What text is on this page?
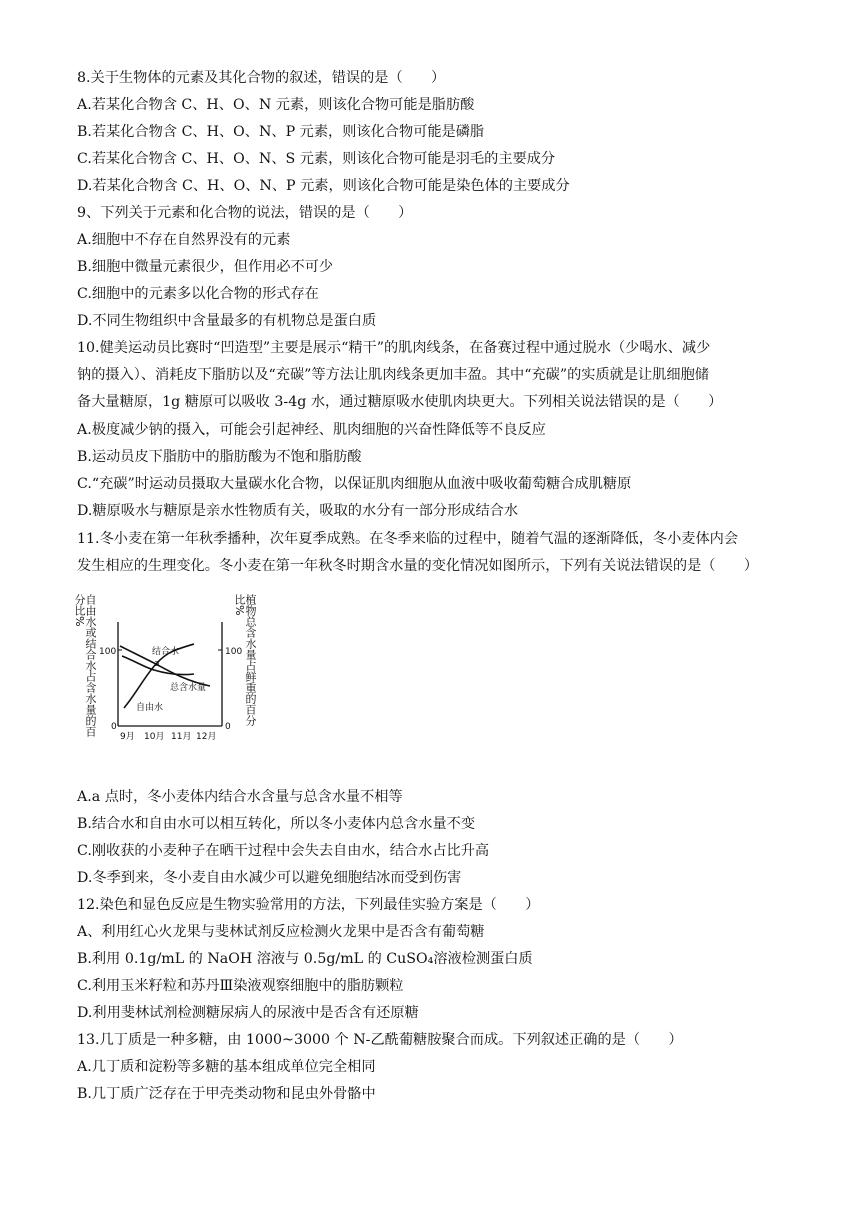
8.关于生物体的元素及其化合物的叙述，错误的是（　　）
A.若某化合物含 C、H、O、N 元素，则该化合物可能是脂肪酸
B.若某化合物含 C、H、O、N、P 元素，则该化合物可能是磷脂
C.若某化合物含 C、H、O、N、S 元素，则该化合物可能是羽毛的主要成分
D.若某化合物含 C、H、O、N、P 元素，则该化合物可能是染色体的主要成分
9、下列关于元素和化合物的说法，错误的是（　　）
A.细胞中不存在自然界没有的元素
B.细胞中微量元素很少，但作用必不可少
C.细胞中的元素多以化合物的形式存在
D.不同生物组织中含量最多的有机物总是蛋白质
10.健美运动员比赛时“凹造型”主要是展示“精干”的肌肉线条，在备赛过程中通过脱水（少喝水、减少
钠的摄入）、消耗皮下脂肪以及“充碳”等方法让肌肉线条更加丰盈。其中“充碳”的实质就是让肌细胞储
备大量糖原，1g 糖原可以吸收 3-4g 水，通过糖原吸水使肌肉块更大。下列相关说法错误的是（　　）
A.极度减少钠的摄入，可能会引起神经、肌肉细胞的兴奋性降低等不良反应
B.运动员皮下脂肪中的脂肪酸为不饱和脂肪酸
C.“充碳”时运动员摄取大量碳水化合物，以保证肌肉细胞从血液中吸收葡萄糖合成肌糖原
D.糖原吸水与糖原是亲水性物质有关，吸取的水分有一部分形成结合水
11.冬小麦在第一年秋季播种，次年夏季成熟。在冬季来临的过程中，随着气温的逐渐降低，冬小麦体内会
发生相应的生理变化。冬小麦在第一年秋冬时期含水量的变化情况如图所示，下列有关说法错误的是（　　）
自由水或结合水占含水量的百分比%	植物总含水量占鲜重的百分比%
100
0
100
0
9月 10月 11月 12月
结合水
a
总含水量
自由水
A.a 点时，冬小麦体内结合水含量与总含水量不相等
B.结合水和自由水可以相互转化，所以冬小麦体内总含水量不变
C.刚收获的小麦种子在晒干过程中会失去自由水，结合水占比升高
D.冬季到来，冬小麦自由水减少可以避免细胞结冰而受到伤害
12.染色和显色反应是生物实验常用的方法，下列最佳实验方案是（　　）
A、利用红心火龙果与斐林试剂反应检测火龙果中是否含有葡萄糖
B.利用 0.1g/mL 的 NaOH 溶液与 0.5g/mL 的 CuSO₄溶液检测蛋白质
C.利用玉米籽粒和苏丹Ⅲ染液观察细胞中的脂肪颗粒
D.利用斐林试剂检测糖尿病人的尿液中是否含有还原糖
13.几丁质是一种多糖，由 1000~3000 个 N-乙酰葡糖胺聚合而成。下列叙述正确的是（　　）
A.几丁质和淀粉等多糖的基本组成单位完全相同
B.几丁质广泛存在于甲壳类动物和昆虫外骨骼中
